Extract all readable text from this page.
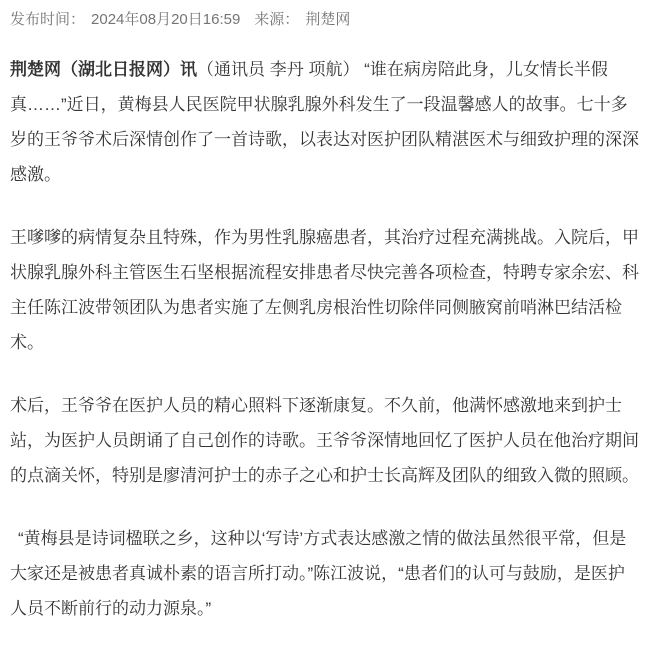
发布时间： 2024年08月20日16:59 来源： 荆楚网

荆楚网（湖北日报网）讯（通讯员 李丹 项航） “谁在病房陪此身，儿女情长半假真……”近日，黄梅县人民医院甲状腺乳腺外科发生了一段温馨感人的故事。七十多岁的王爷爷术后深情创作了一首诗歌，以表达对医护团队精湛医术与细致护理的深深感激。

王嗲嗲的病情复杂且特殊，作为男性乳腺癌患者，其治疗过程充满挑战。入院后，甲状腺乳腺外科主管医生石坚根据流程安排患者尽快完善各项检查，特聘专家余宏、科主任陈江波带领团队为患者实施了左侧乳房根治性切除伴同侧腋窝前哨淋巴结活检术。

术后，王爷爷在医护人员的精心照料下逐渐康复。不久前，他满怀感激地来到护士站，为医护人员朗诵了自己创作的诗歌。王爷爷深情地回忆了医护人员在他治疗期间的点滴关怀，特别是廖清河护士的赤子之心和护士长高辉及团队的细致入微的照顾。

“黄梅县是诗词楹联之乡，这种以‘写诗’方式表达感激之情的做法虽然很平常，但是大家还是被患者真诚朴素的语言所打动。”陈江波说，“患者们的认可与鼓励，是医护人员不断前行的动力源泉。”
